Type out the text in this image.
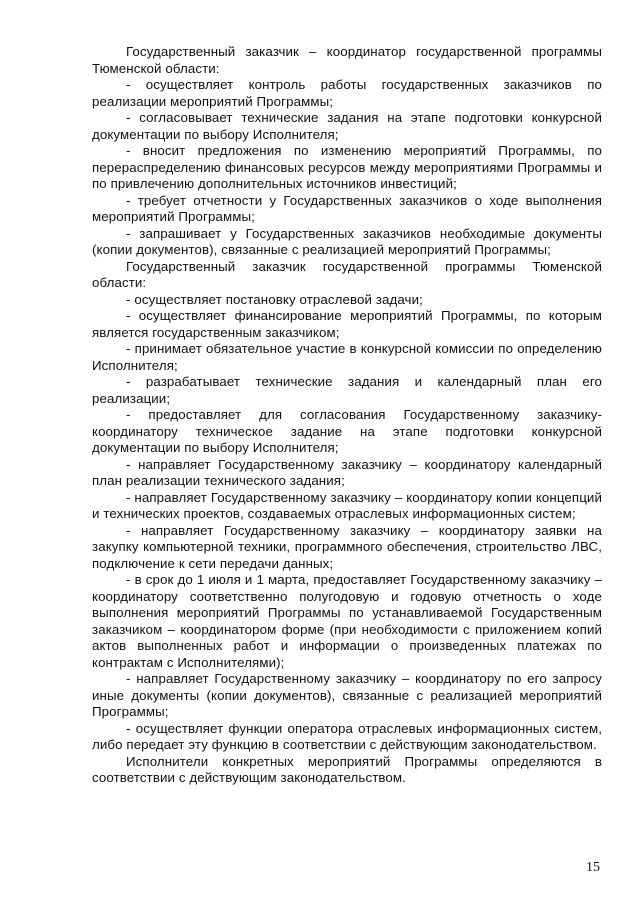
Государственный заказчик – координатор государственной программы Тюменской области:

- осуществляет контроль работы государственных заказчиков по реализации мероприятий Программы;

- согласовывает технические задания на этапе подготовки конкурсной документации по выбору Исполнителя;

- вносит предложения по изменению мероприятий Программы, по перераспределению финансовых ресурсов между мероприятиями Программы и по привлечению дополнительных источников инвестиций;

- требует отчетности у Государственных заказчиков о ходе выполнения мероприятий Программы;

- запрашивает у Государственных заказчиков необходимые документы (копии документов), связанные с реализацией мероприятий Программы;

Государственный заказчик государственной программы Тюменской области:

- осуществляет постановку отраслевой задачи;

- осуществляет финансирование мероприятий Программы, по которым является государственным заказчиком;

- принимает обязательное участие в конкурсной комиссии по определению Исполнителя;

- разрабатывает технические задания и календарный план его реализации;

- предоставляет для согласования Государственному заказчику-координатору техническое задание на этапе подготовки конкурсной документации по выбору Исполнителя;

- направляет Государственному заказчику – координатору календарный план реализации технического задания;

- направляет Государственному заказчику – координатору копии концепций и технических проектов, создаваемых отраслевых информационных систем;

- направляет Государственному заказчику – координатору заявки на закупку компьютерной техники, программного обеспечения, строительство ЛВС, подключение к сети передачи данных;

- в срок до 1 июля и 1 марта, предоставляет Государственному заказчику – координатору соответственно полугодовую и годовую отчетность о ходе выполнения мероприятий Программы по устанавливаемой Государственным заказчиком – координатором форме (при необходимости с приложением копий актов выполненных работ и информации о произведенных платежах по контрактам с Исполнителями);

- направляет Государственному заказчику – координатору по его запросу иные документы (копии документов), связанные с реализацией мероприятий Программы;

- осуществляет функции оператора отраслевых информационных систем, либо передает эту функцию в соответствии с действующим законодательством.

Исполнители конкретных мероприятий Программы определяются в соответствии с действующим законодательством.

15
